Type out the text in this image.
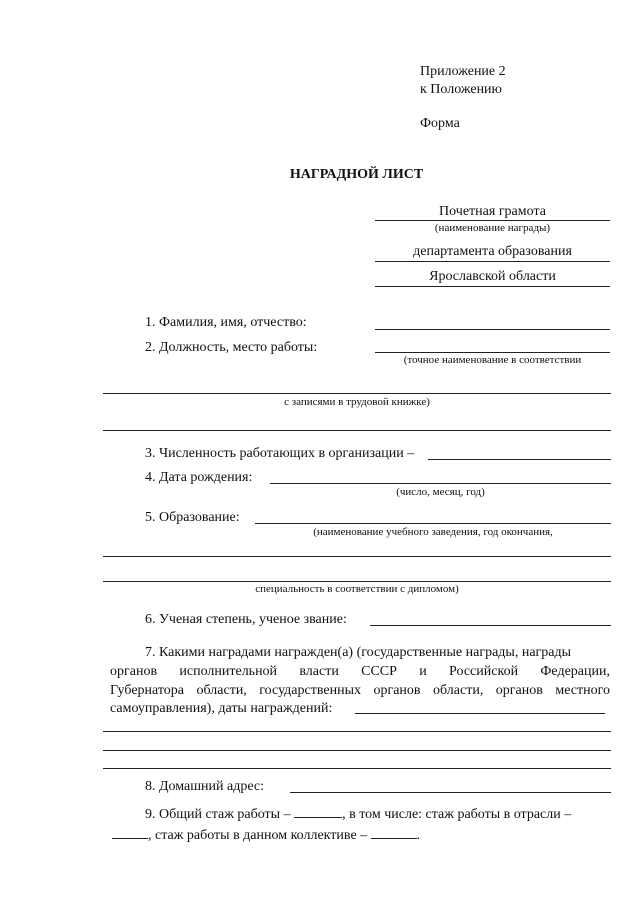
Приложение 2
к Положению
Форма
НАГРАДНОЙ ЛИСТ
Почетная грамота
(наименование награды)
департамента образования
Ярославской области
1. Фамилия, имя, отчество:
2. Должность, место работы:
(точное наименование в соответствии
с записями в трудовой книжке)
3. Численность работающих в организации –
4. Дата рождения:
(число, месяц, год)
5. Образование:
(наименование учебного заведения, год окончания,
специальность в соответствии с дипломом)
6. Ученая степень, ученое звание:
7. Какими наградами награжден(а) (государственные награды, награды
органов исполнительной власти СССР и Российской Федерации,
Губернатора области, государственных органов области, органов местного
самоуправления), даты награждений:
8. Домашний адрес:
9. Общий стаж работы –	, в том числе: стаж работы в отрасли –
, стаж работы в данном коллективе –	.
